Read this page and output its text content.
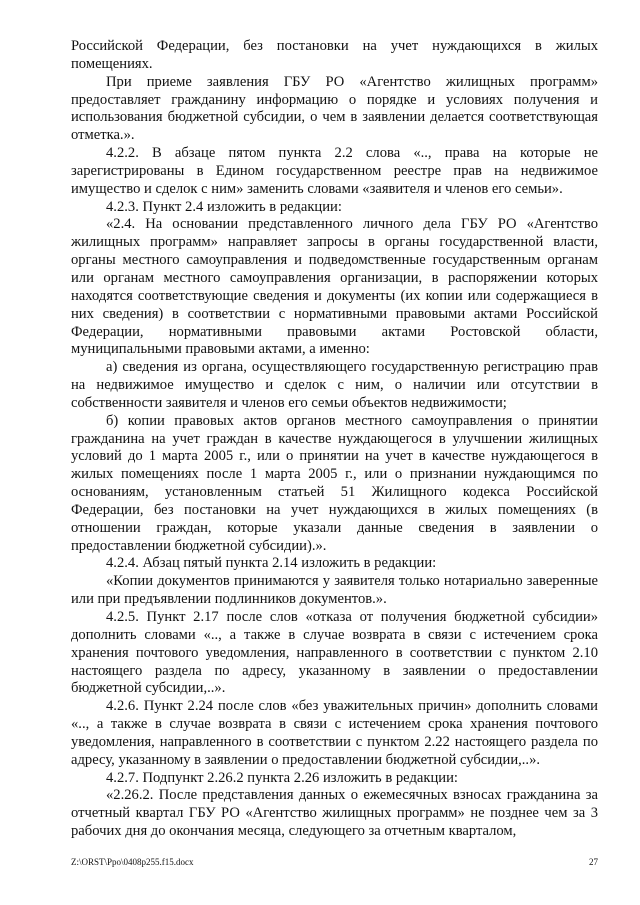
Российской Федерации, без постановки на учет нуждающихся в жилых помещениях.

При приеме заявления ГБУ РО «Агентство жилищных программ» предоставляет гражданину информацию о порядке и условиях получения и использования бюджетной субсидии, о чем в заявлении делается соответствующая отметка.».

4.2.2. В абзаце пятом пункта 2.2 слова «.., права на которые не зарегистрированы в Едином государственном реестре прав на недвижимое имущество и сделок с ним» заменить словами «заявителя и членов его семьи».

4.2.3. Пункт 2.4 изложить в редакции:

«2.4. На основании представленного личного дела ГБУ РО «Агентство жилищных программ» направляет запросы в органы государственной власти, органы местного самоуправления и подведомственные государственным органам или органам местного самоуправления организации, в распоряжении которых находятся соответствующие сведения и документы (их копии или содержащиеся в них сведения) в соответствии с нормативными правовыми актами Российской Федерации, нормативными правовыми актами Ростовской области, муниципальными правовыми актами, а именно:

а) сведения из органа, осуществляющего государственную регистрацию прав на недвижимое имущество и сделок с ним, о наличии или отсутствии в собственности заявителя и членов его семьи объектов недвижимости;

б) копии правовых актов органов местного самоуправления о принятии гражданина на учет граждан в качестве нуждающегося в улучшении жилищных условий до 1 марта 2005 г., или о принятии на учет в качестве нуждающегося в жилых помещениях после 1 марта 2005 г., или о признании нуждающимся по основаниям, установленным статьей 51 Жилищного кодекса Российской Федерации, без постановки на учет нуждающихся в жилых помещениях (в отношении граждан, которые указали данные сведения в заявлении о предоставлении бюджетной субсидии).».

4.2.4. Абзац пятый пункта 2.14 изложить в редакции:

«Копии документов принимаются у заявителя только нотариально заверенные или при предъявлении подлинников документов.».

4.2.5. Пункт 2.17 после слов «отказа от получения бюджетной субсидии» дополнить словами «.., а также в случае возврата в связи с истечением срока хранения почтового уведомления, направленного в соответствии с пунктом 2.10 настоящего раздела по адресу, указанному в заявлении о предоставлении бюджетной субсидии,..».

4.2.6. Пункт 2.24 после слов «без уважительных причин» дополнить словами «.., а также в случае возврата в связи с истечением срока хранения почтового уведомления, направленного в соответствии с пунктом 2.22 настоящего раздела по адресу, указанному в заявлении о предоставлении бюджетной субсидии,..».

4.2.7. Подпункт 2.26.2 пункта 2.26 изложить в редакции:

«2.26.2. После представления данных о ежемесячных взносах гражданина за отчетный квартал ГБУ РО «Агентство жилищных программ» не позднее чем за 3 рабочих дня до окончания месяца, следующего за отчетным кварталом,

Z:\ORST\Ppo\0408p255.f15.docx	27
